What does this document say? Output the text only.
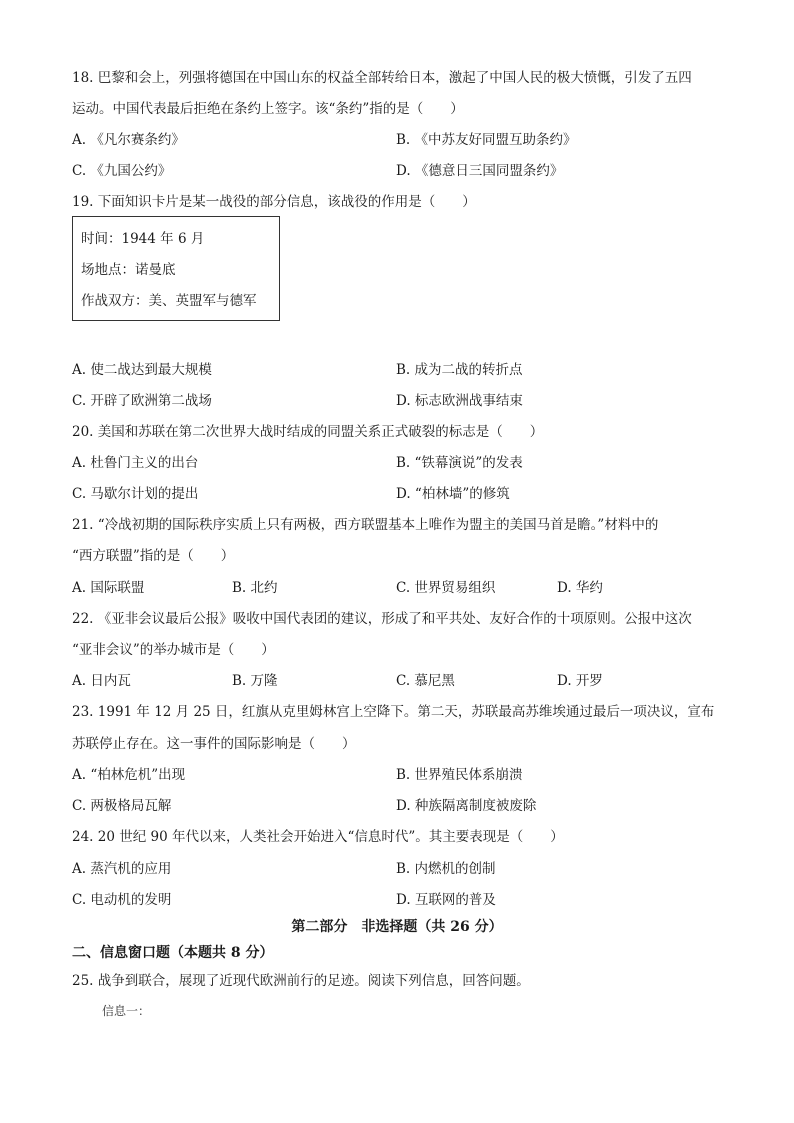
18. 巴黎和会上，列强将德国在中国山东的权益全部转给日本，激起了中国人民的极大愤慨，引发了五四
运动。中国代表最后拒绝在条约上签字。该“条约”指的是（　　）
A. 《凡尔赛条约》	B. 《中苏友好同盟互助条约》
C. 《九国公约》	D. 《德意日三国同盟条约》
19. 下面知识卡片是某一战役的部分信息，该战役的作用是（　　）
时间：1944 年 6 月
场地点：诺曼底
作战双方：美、英盟军与德军
A. 使二战达到最大规模	B. 成为二战的转折点
C. 开辟了欧洲第二战场	D. 标志欧洲战事结束
20. 美国和苏联在第二次世界大战时结成的同盟关系正式破裂的标志是（　　）
A. 杜鲁门主义的出台	B. “铁幕演说”的发表
C. 马歇尔计划的提出	D. “柏林墙”的修筑
21. “冷战初期的国际秩序实质上只有两极，西方联盟基本上唯作为盟主的美国马首是瞻。”材料中的
“西方联盟”指的是（　　）
A. 国际联盟	B. 北约	C. 世界贸易组织	D. 华约
22. 《亚非会议最后公报》吸收中国代表团的建议，形成了和平共处、友好合作的十项原则。公报中这次
“亚非会议”的举办城市是（　　）
A. 日内瓦	B. 万隆	C. 慕尼黑	D. 开罗
23. 1991 年 12 月 25 日，红旗从克里姆林宫上空降下。第二天，苏联最高苏维埃通过最后一项决议，宣布
苏联停止存在。这一事件的国际影响是（　　）
A. “柏林危机”出现	B. 世界殖民体系崩溃
C. 两极格局瓦解	D. 种族隔离制度被废除
24. 20 世纪 90 年代以来，人类社会开始进入“信息时代”。其主要表现是（　　）
A. 蒸汽机的应用	B. 内燃机的创制
C. 电动机的发明	D. 互联网的普及
第二部分　非选择题（共 26 分）
二、信息窗口题（本题共 8 分）
25. 战争到联合，展现了近现代欧洲前行的足迹。阅读下列信息，回答问题。
信息一：
